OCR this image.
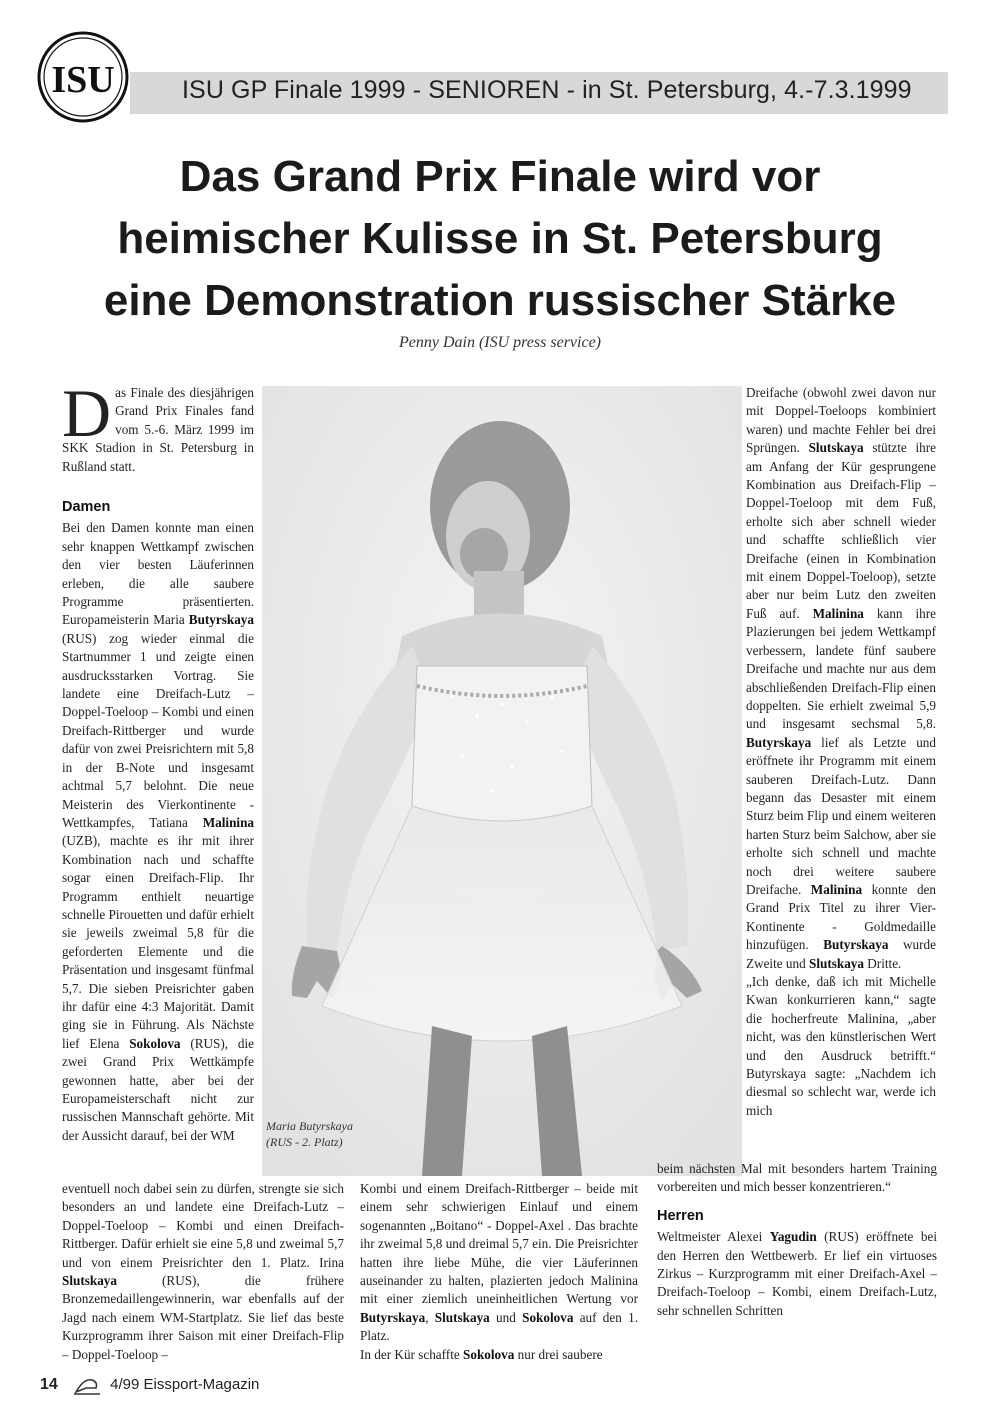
ISU	ISU GP Finale 1999 - SENIOREN - in St. Petersburg, 4.-7.3.1999
Das Grand Prix Finale wird vor
heimischer Kulisse in St. Petersburg
eine Demonstration russischer Stärke
Penny Dain (ISU press service)
Das Finale des diesjährigen Grand Prix Finales fand vom 5.-6. März 1999 im SKK Stadion in St. Petersburg in Rußland statt.
Damen

Bei den Damen konnte man einen sehr knappen Wettkampf zwischen den vier besten Läuferinnen erleben, die alle saubere Programme präsentierten. Europameisterin Maria Butyrskaya (RUS) zog wieder einmal die Startnummer 1 und zeigte einen ausdrucksstarken Vortrag. Sie landete eine Dreifach-Lutz – Doppel-Toeloop – Kombi und einen Dreifach-Rittberger und wurde dafür von zwei Preisrichtern mit 5,8 in der B-Note und insgesamt achtmal 5,7 belohnt. Die neue Meisterin des Vierkontinente - Wettkampfes, Tatiana Malinina (UZB), machte es ihr mit ihrer Kombination nach und schaffte sogar einen Dreifach-Flip. Ihr Programm enthielt neuartige schnelle Pirouetten und dafür erhielt sie jeweils zweimal 5,8 für die geforderten Elemente und die Präsentation und insgesamt fünfmal 5,7. Die sieben Preisrichter gaben ihr dafür eine 4:3 Majorität. Damit ging sie in Führung. Als Nächste lief Elena Sokolova (RUS), die zwei Grand Prix Wettkämpfe gewonnen hatte, aber bei der Europameisterschaft nicht zur russischen Mannschaft gehörte. Mit der Aussicht darauf, bei der WM

Maria Butyrskaya
(RUS - 2. Platz)

Dreifache (obwohl zwei davon nur mit Doppel-Toeloops kombiniert waren) und machte Fehler bei drei Sprüngen. Slutskaya stützte ihre am Anfang der Kür gesprungene Kombination aus Dreifach-Flip – Doppel-Toeloop mit dem Fuß, erholte sich aber schnell wieder und schaffte schließlich vier Dreifache (einen in Kombination mit einem Doppel-Toeloop), setzte aber nur beim Lutz den zweiten Fuß auf. Malinina kann ihre Plazierungen bei jedem Wettkampf verbessern, landete fünf saubere Dreifache und machte nur aus dem abschließenden Dreifach-Flip einen doppelten. Sie erhielt zweimal 5,9 und insgesamt sechsmal 5,8. Butyrskaya lief als Letzte und eröffnete ihr Programm mit einem sauberen Dreifach-Lutz. Dann begann das Desaster mit einem Sturz beim Flip und einem weiteren harten Sturz beim Salchow, aber sie erholte sich schnell und machte noch drei weitere saubere Dreifache. Malinina konnte den Grand Prix Titel zu ihrer Vier-Kontinente - Goldmedaille hinzufügen. Butyrskaya wurde Zweite und Slutskaya Dritte.

„Ich denke, daß ich mit Michelle Kwan konkurrieren kann,“ sagte die hocherfreute Malinina, „aber nicht, was den künstlerischen Wert und den Ausdruck betrifft.“ Butyrskaya sagte: „Nachdem ich diesmal so schlecht war, werde ich mich

eventuell noch dabei sein zu dürfen, strengte sie sich besonders an und landete eine Dreifach-Lutz – Doppel-Toeloop – Kombi und einen Dreifach-Rittberger. Dafür erhielt sie eine 5,8 und zweimal 5,7 und von einem Preisrichter den 1. Platz. Irina Slutskaya (RUS), die frühere Bronzemedaillengewinnerin, war ebenfalls auf der Jagd nach einem WM-Startplatz. Sie lief das beste Kurzprogramm ihrer Saison mit einer Dreifach-Flip – Doppel-Toeloop –

Kombi und einem Dreifach-Rittberger – beide mit einem sehr schwierigen Einlauf und einem sogenannten „Boitano“ - Doppel-Axel . Das brachte ihr zweimal 5,8 und dreimal 5,7 ein. Die Preisrichter hatten ihre liebe Mühe, die vier Läuferinnen auseinander zu halten, plazierten jedoch Malinina mit einer ziemlich uneinheitlichen Wertung vor Butyrskaya, Slutskaya und Sokolova auf den 1. Platz.

In der Kür schaffte Sokolova nur drei saubere

beim nächsten Mal mit besonders hartem Training vorbereiten und mich besser konzentrieren.“

Herren

Weltmeister Alexei Yagudin (RUS) eröffnete bei den Herren den Wettbewerb. Er lief ein virtuoses Zirkus – Kurzprogramm mit einer Dreifach-Axel – Dreifach-Toeloop – Kombi, einem Dreifach-Lutz, sehr schnellen Schritten

14	4/99 Eissport-Magazin
